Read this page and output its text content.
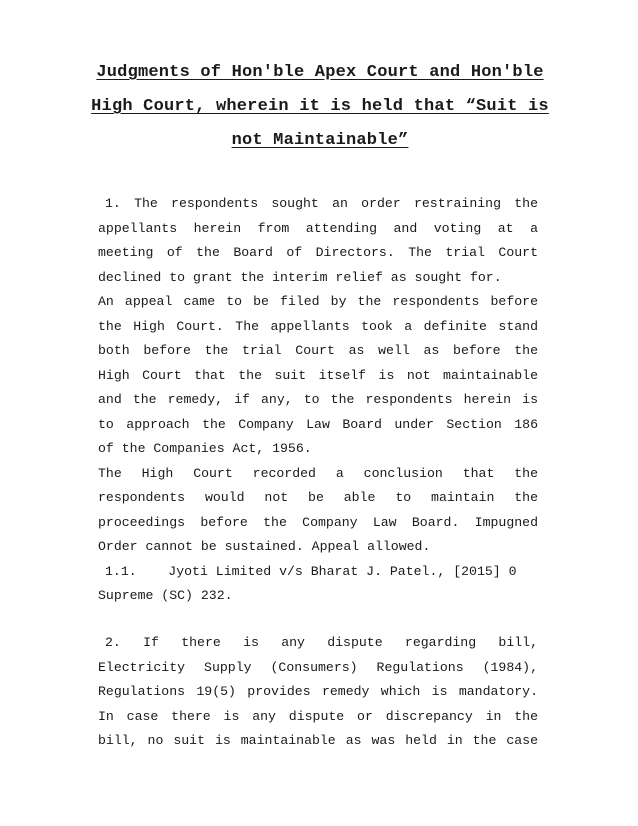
Judgments of Hon'ble Apex Court and Hon'ble
High Court, wherein it is held that “Suit is
not Maintainable”
1. The respondents sought an order restraining the
appellants herein from attending and voting at a
meeting of the Board of Directors. The trial Court
declined to grant the interim relief as sought for.
An appeal came to be filed by the respondents before
the High Court. The appellants took a definite stand
both before the trial Court as well as before the
High Court that the suit itself is not maintainable
and the remedy, if any, to the respondents herein is
to approach the Company Law Board under Section 186
of the Companies Act, 1956.
The High Court recorded a conclusion that the
respondents would not be able to maintain the
proceedings before the Company Law Board. Impugned
Order cannot be sustained. Appeal allowed.
1.1.    Jyoti Limited v/s Bharat J. Patel., [2015] 0
Supreme (SC) 232.
2. If there is any dispute regarding bill,
Electricity Supply (Consumers) Regulations (1984),
Regulations 19(5) provides remedy which is mandatory.
In case there is any dispute or discrepancy in the
bill, no suit is maintainable as was held in the case
